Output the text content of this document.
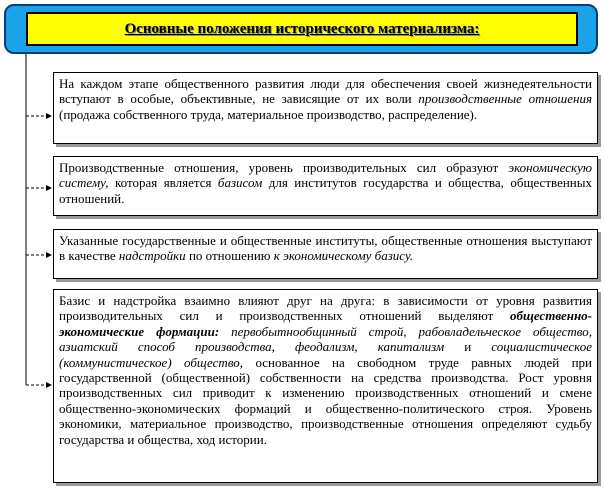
Основные положения исторического материализма:

На каждом этапе общественного развития люди для обеспечения своей жизнедеятельности вступают в особые, объективные, не зависящие от их воли производственные отношения (продажа собственного труда, материальное производство, распределение).

Производственные отношения, уровень производительных сил образуют экономическую систему, которая является базисом для институтов государства и общества, общественных отношений.

Указанные государственные и общественные институты, общественные отношения выступают в качестве надстройки по отношению к экономическому базису.

Базис и надстройка взаимно влияют друг на друга: в зависимости от уровня развития производительных сил и производственных отношений выделяют общественно-экономические формации: первобытнообщинный строй, рабовладельческое общество, азиатский способ производства, феодализм, капитализм и социалистическое (коммунистическое) общество, основанное на свободном труде равных людей при государственной (общественной) собственности на средства производства. Рост уровня производственных сил приводит к изменению производственных отношений и смене общественно-экономических формаций и общественно-политического строя. Уровень экономики, материальное производство, производственные отношения определяют судьбу государства и общества, ход истории.
